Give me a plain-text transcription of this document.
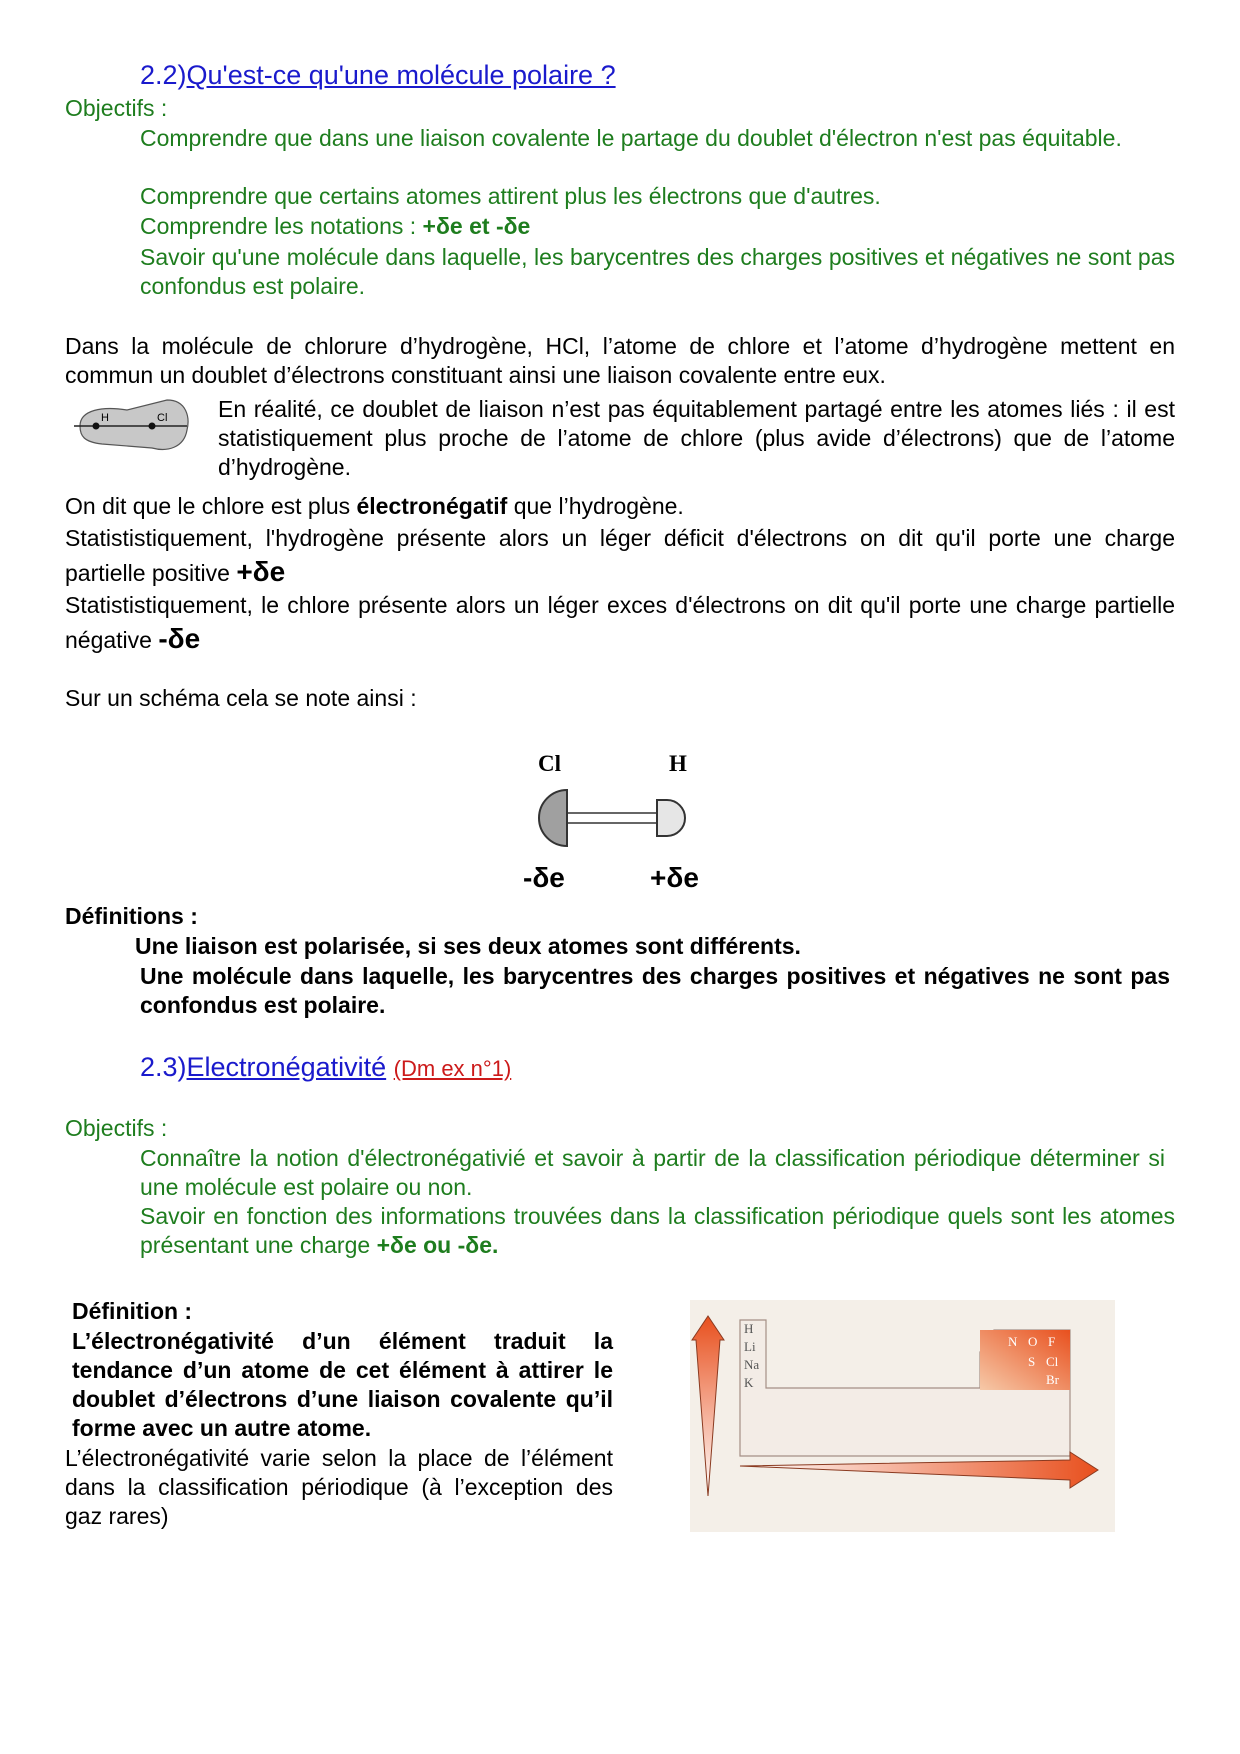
2.2)Qu'est-ce qu'une molécule polaire ?
Objectifs :
Comprendre que dans une liaison covalente le partage du doublet d'électron n'est pas équitable.
Comprendre que certains atomes attirent plus les électrons que d'autres.
Comprendre les notations : +δe et -δe
Savoir qu'une molécule dans laquelle, les barycentres des charges positives et négatives ne sont pas confondus est polaire.
Dans la molécule de chlorure d’hydrogène, HCl, l’atome de chlore et l’atome d’hydrogène mettent en commun un doublet d’électrons constituant ainsi une liaison covalente entre eux.
H	Cl En réalité, ce doublet de liaison n’est pas équitablement partagé entre les atomes liés : il est statistiquement plus proche de l’atome de chlore (plus avide d’électrons) que de l’atome d’hydrogène.
On dit que le chlore est plus électronégatif que l’hydrogène.
Statististiquement, l'hydrogène présente alors un léger déficit d'électrons on dit qu'il porte une charge partielle positive +δe
Statististiquement, le chlore présente alors un léger exces d'électrons on dit qu'il porte une charge partielle négative -δe
Sur un schéma cela se note ainsi :
Cl	H
-δe	+δe
Définitions :
Une liaison est polarisée, si ses deux atomes sont différents.
Une molécule dans laquelle, les barycentres des charges positives et négatives ne sont pas confondus est polaire.
2.3)Electronégativité (Dm ex n°1)
Objectifs :
Connaître la notion d'électronégativié et savoir à partir de la classification périodique déterminer si une molécule est polaire ou non.
Savoir en fonction des informations trouvées dans la classification périodique quels sont les atomes présentant une charge +δe ou -δe.
Définition :
L’électronégativité d’un élément traduit la tendance d’un atome de cet élément à attirer le doublet d’électrons d’une liaison covalente qu’il forme avec un autre atome.
L’électronégativité varie selon la place de l’élément dans la classification périodique (à l’exception des gaz rares)
H
Li
Na
K
N O F
S Cl
Br
